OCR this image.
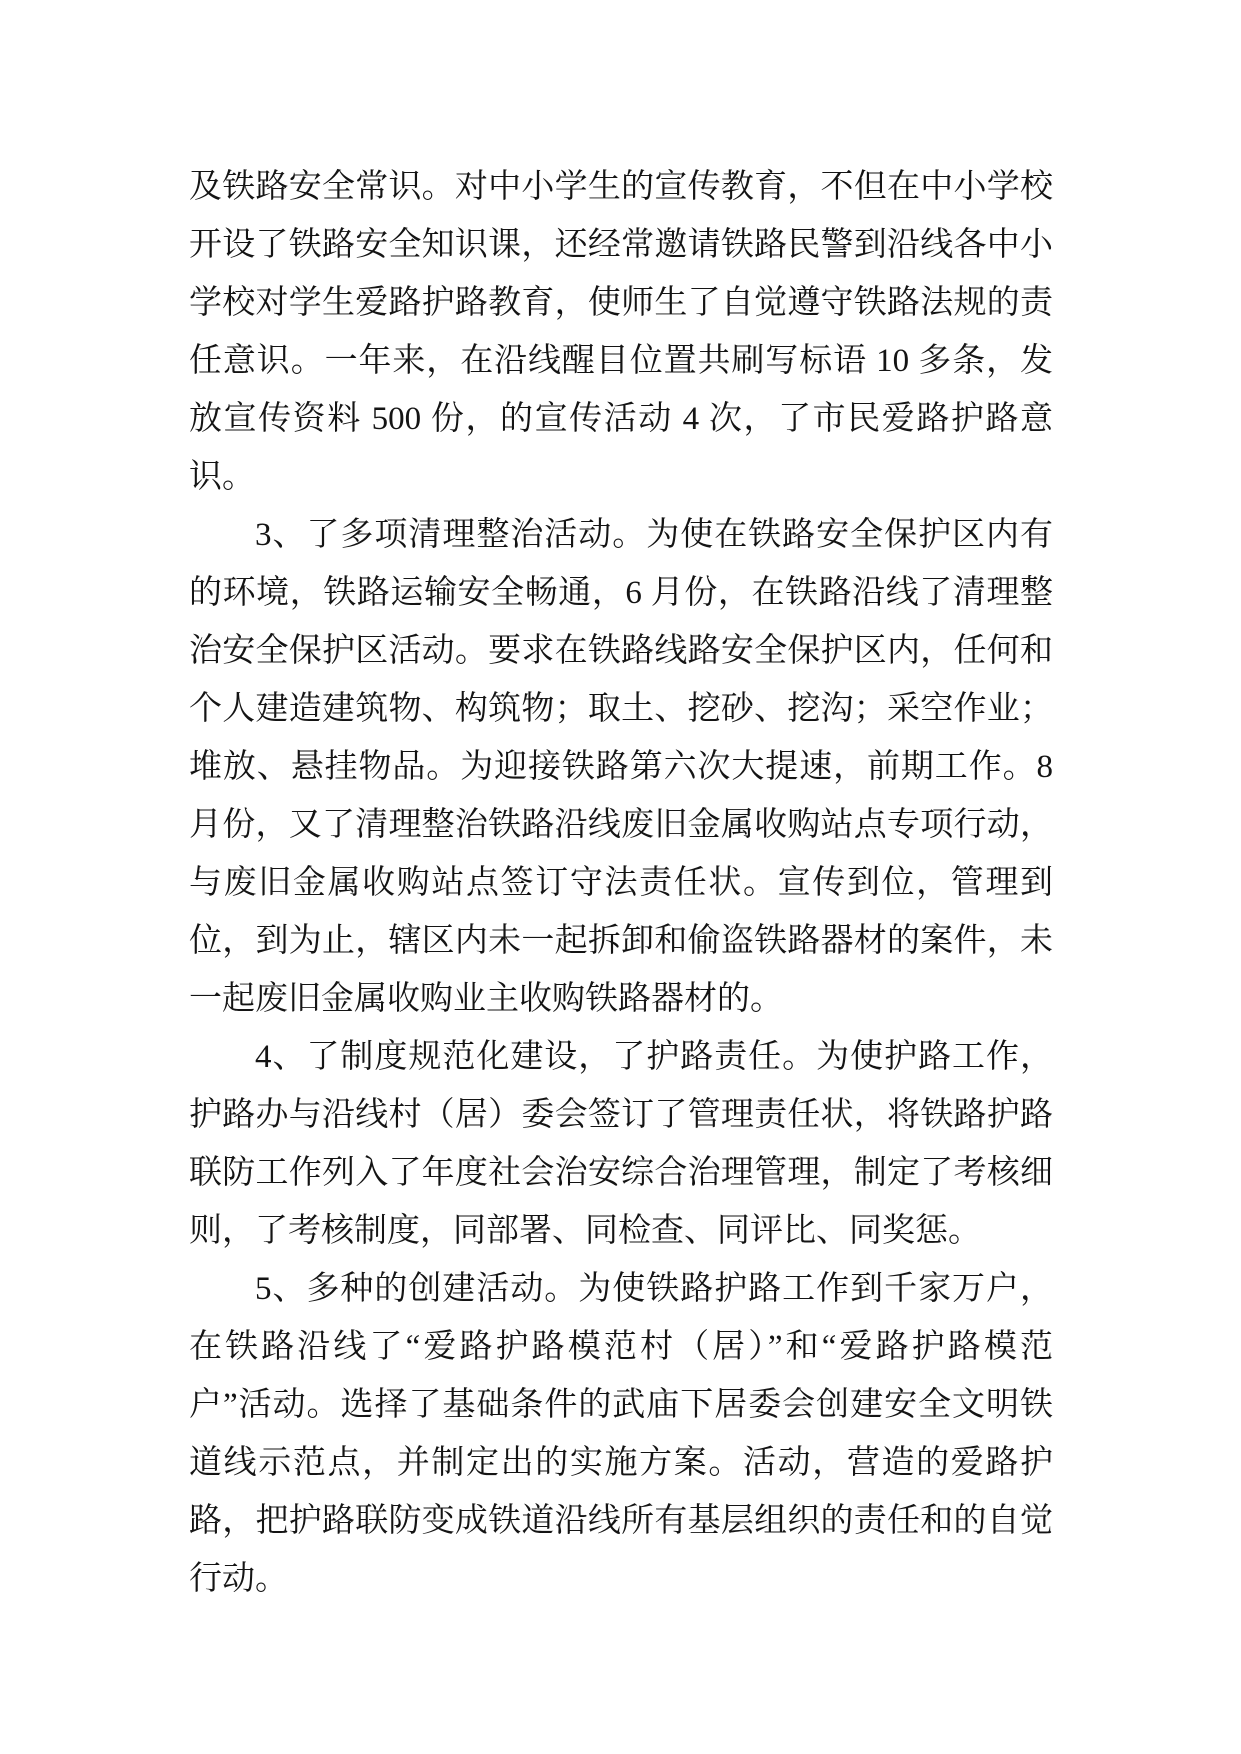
及铁路安全常识。对中小学生的宣传教育，不但在中小学校开设了铁路安全知识课，还经常邀请铁路民警到沿线各中小学校对学生爱路护路教育，使师生了自觉遵守铁路法规的责任意识。一年来，在沿线醒目位置共刷写标语 10 多条，发放宣传资料 500 份，的宣传活动 4 次，了市民爱路护路意识。

3、了多项清理整治活动。为使在铁路安全保护区内有的环境，铁路运输安全畅通，6 月份，在铁路沿线了清理整治安全保护区活动。要求在铁路线路安全保护区内，任何和个人建造建筑物、构筑物；取土、挖砂、挖沟；采空作业；堆放、悬挂物品。为迎接铁路第六次大提速，前期工作。8 月份，又了清理整治铁路沿线废旧金属收购站点专项行动，与废旧金属收购站点签订守法责任状。宣传到位，管理到位，到为止，辖区内未一起拆卸和偷盗铁路器材的案件，未一起废旧金属收购业主收购铁路器材的。

4、了制度规范化建设，了护路责任。为使护路工作，护路办与沿线村（居）委会签订了管理责任状，将铁路护路联防工作列入了年度社会治安综合治理管理，制定了考核细则，了考核制度，同部署、同检查、同评比、同奖惩。

5、多种的创建活动。为使铁路护路工作到千家万户，在铁路沿线了“爱路护路模范村（居）”和“爱路护路模范户”活动。选择了基础条件的武庙下居委会创建安全文明铁道线示范点，并制定出的实施方案。活动，营造的爱路护路，把护路联防变成铁道沿线所有基层组织的责任和的自觉行动。
